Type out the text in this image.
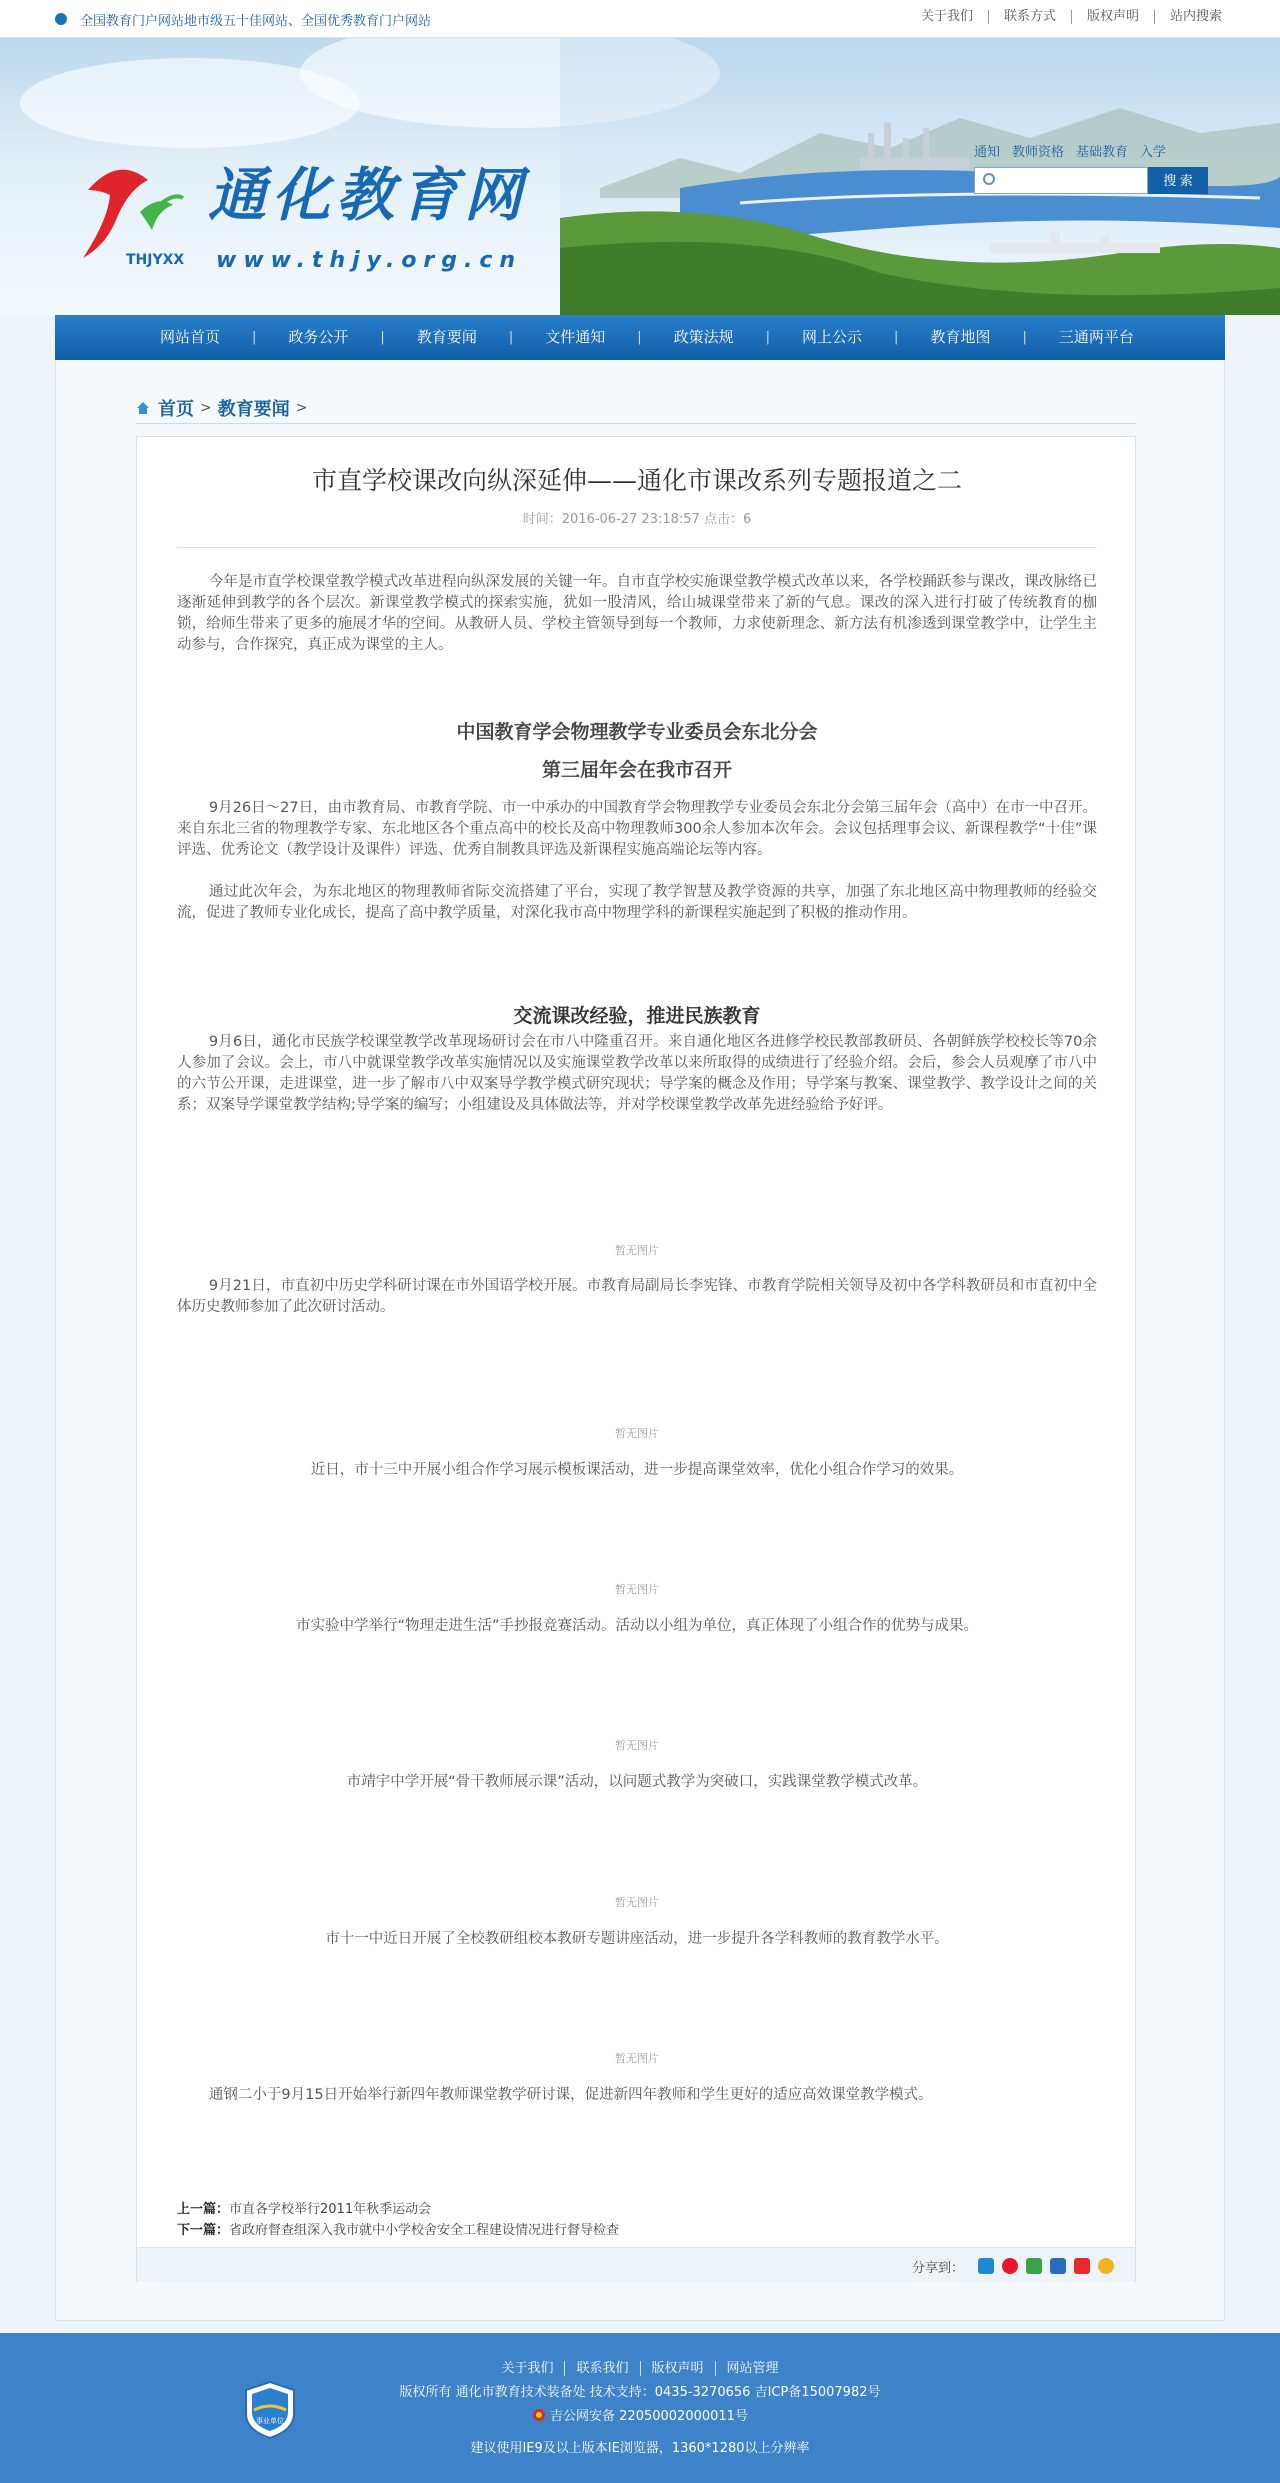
全国教育门户网站地市级五十佳网站、全国优秀教育门户网站	关于我们	联系方式	版权声明	站内搜索
THJYXX
通化教育网
www.thjy.org.cn
通知 教师资格 基础教育 入学
搜 索
网站首页	|	政务公开	|	教育要闻	|	文件通知	|	政策法规	|	网上公示	|	教育地图	|	三通两平台
首页 > 教育要闻 >
市直学校课改向纵深延伸——通化市课改系列专题报道之二
时间：2016-06-27 23:18:57 点击：6
今年是市直学校课堂教学模式改革进程向纵深发展的关键一年。自市直学校实施课堂教学模式改革以来，各学校踊跃参与课改，课改脉络已逐渐延伸到教学的各个层次。新课堂教学模式的探索实施，犹如一股清风，给山城课堂带来了新的气息。课改的深入进行打破了传统教育的枷锁，给师生带来了更多的施展才华的空间。从教研人员、学校主管领导到每一个教师，力求使新理念、新方法有机渗透到课堂教学中，让学生主动参与，合作探究，真正成为课堂的主人。
中国教育学会物理教学专业委员会东北分会
第三届年会在我市召开
9月26日～27日，由市教育局、市教育学院、市一中承办的中国教育学会物理教学专业委员会东北分会第三届年会（高中）在市一中召开。来自东北三省的物理教学专家、东北地区各个重点高中的校长及高中物理教师300余人参加本次年会。会议包括理事会议、新课程教学“十佳”课评选、优秀论文（教学设计及课件）评选、优秀自制教具评选及新课程实施高端论坛等内容。
通过此次年会，为东北地区的物理教师省际交流搭建了平台，实现了教学智慧及教学资源的共享，加强了东北地区高中物理教师的经验交流，促进了教师专业化成长，提高了高中教学质量，对深化我市高中物理学科的新课程实施起到了积极的推动作用。
交流课改经验，推进民族教育
9月6日，通化市民族学校课堂教学改革现场研讨会在市八中隆重召开。来自通化地区各进修学校民教部教研员、各朝鲜族学校校长等70余人参加了会议。会上，市八中就课堂教学改革实施情况以及实施课堂教学改革以来所取得的成绩进行了经验介绍。会后，参会人员观摩了市八中的六节公开课，走进课堂，进一步了解市八中双案导学教学模式研究现状；导学案的概念及作用；导学案与教案、课堂教学、教学设计之间的关系；双案导学课堂教学结构;导学案的编写；小组建设及具体做法等，并对学校课堂教学改革先进经验给予好评。
暂无图片
9月21日，市直初中历史学科研讨课在市外国语学校开展。市教育局副局长李宪锋、市教育学院相关领导及初中各学科教研员和市直初中全体历史教师参加了此次研讨活动。
暂无图片
近日，市十三中开展小组合作学习展示模板课活动，进一步提高课堂效率，优化小组合作学习的效果。
暂无图片
市实验中学举行“物理走进生活”手抄报竞赛活动。活动以小组为单位，真正体现了小组合作的优势与成果。
暂无图片
市靖宇中学开展“骨干教师展示课”活动，以问题式教学为突破口，实践课堂教学模式改革。
暂无图片
市十一中近日开展了全校教研组校本教研专题讲座活动，进一步提升各学科教师的教育教学水平。
暂无图片
通钢二小于9月15日开始举行新四年教师课堂教学研讨课，促进新四年教师和学生更好的适应高效课堂教学模式。
上一篇：市直各学校举行2011年秋季运动会
下一篇：省政府督查组深入我市就中小学校舍安全工程建设情况进行督导检查
分享到：
事业单位
关于我们 联系我们 版权声明 网站管理
版权所有 通化市教育技术装备处 技术支持：0435-3270656 吉ICP备15007982号
吉公网安备 22050002000011号
建议使用IE9及以上版本IE浏览器，1360*1280以上分辨率
